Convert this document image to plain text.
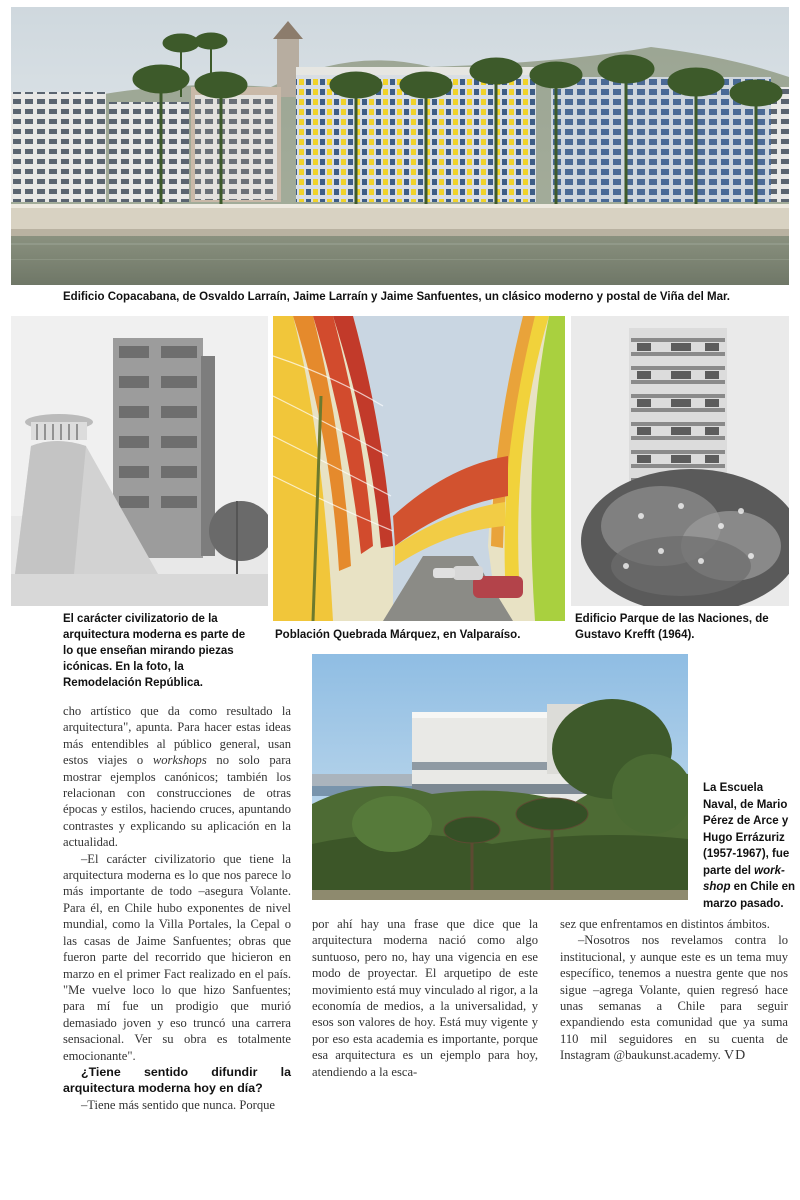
Edificio Copacabana, de Osvaldo Larraín, Jaime Larraín y Jaime Sanfuentes, un clásico moderno y postal de Viña del Mar.
El carácter civilizatorio de la arquitectura moderna es parte de lo que enseñan mirando piezas icónicas. En la foto, la Remodelación República.
Población Quebrada Márquez, en Valparaíso.
Edificio Parque de las Naciones, de Gustavo Krefft (1964).
La Escuela Naval, de Mario Pérez de Arce y Hugo Errázuriz (1957-1967), fue parte del work-shop en Chile en marzo pasado.

cho artístico que da como resultado la arquitectura", apunta. Para hacer estas ideas más entendibles al público general, usan estos viajes o workshops no solo para mostrar ejemplos canónicos; también los relacionan con construcciones de otras épocas y estilos, haciendo cruces, apuntando contrastes y explicando su aplicación en la actualidad.

–El carácter civilizatorio que tiene la arquitectura moderna es lo que nos parece lo más importante de todo –asegura Volante. Para él, en Chile hubo exponentes de nivel mundial, como la Villa Portales, la Cepal o las casas de Jaime Sanfuentes; obras que fueron parte del recorrido que hicieron en marzo en el primer Fact realizado en el país. "Me vuelve loco lo que hizo Sanfuentes; para mí fue un prodigio que murió demasiado joven y eso truncó una carrera sensacional. Ver su obra es totalmente emocionante".

¿Tiene sentido difundir la arquitectura moderna hoy en día?

–Tiene más sentido que nunca. Porque

por ahí hay una frase que dice que la arquitectura moderna nació como algo suntuoso, pero no, hay una vigencia en ese modo de proyectar. El arquetipo de este movimiento está muy vinculado al rigor, a la economía de medios, a la universalidad, y esos son valores de hoy. Está muy vigente y por eso esta academia es importante, porque esa arquitectura es un ejemplo para hoy, atendiendo a la esca-

sez que enfrentamos en distintos ámbitos.

–Nosotros nos revelamos contra lo institucional, y aunque este es un tema muy específico, tenemos a nuestra gente que nos sigue –agrega Volante, quien regresó hace unas semanas a Chile para seguir expandiendo esta comunidad que ya suma 110 mil seguidores en su cuenta de Instagram @baukunst.academy. VD
